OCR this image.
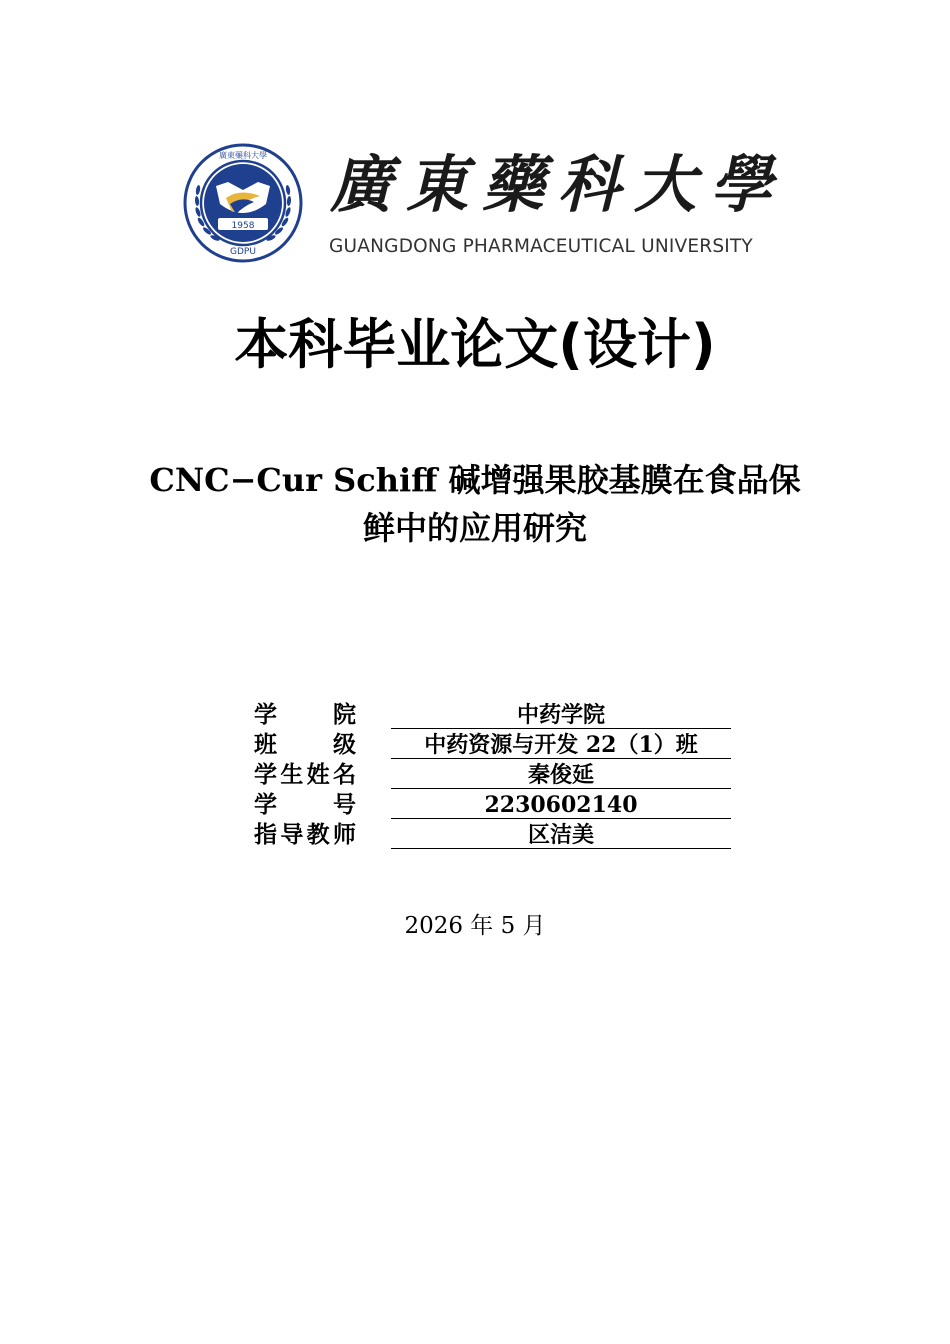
1958
GDPU
廣東藥科大學 廣東藥科大學
GUANGDONG PHARMACEUTICAL UNIVERSITY
本科毕业论文(设计)
CNC−Cur Schiff 碱增强果胶基膜在食品保
鲜中的应用研究
学 院	中药学院
班 级	中药资源与开发 22（1）班
学生姓名	秦俊延
学 号	2230602140
指导教师	区洁美
2026 年 5 月
